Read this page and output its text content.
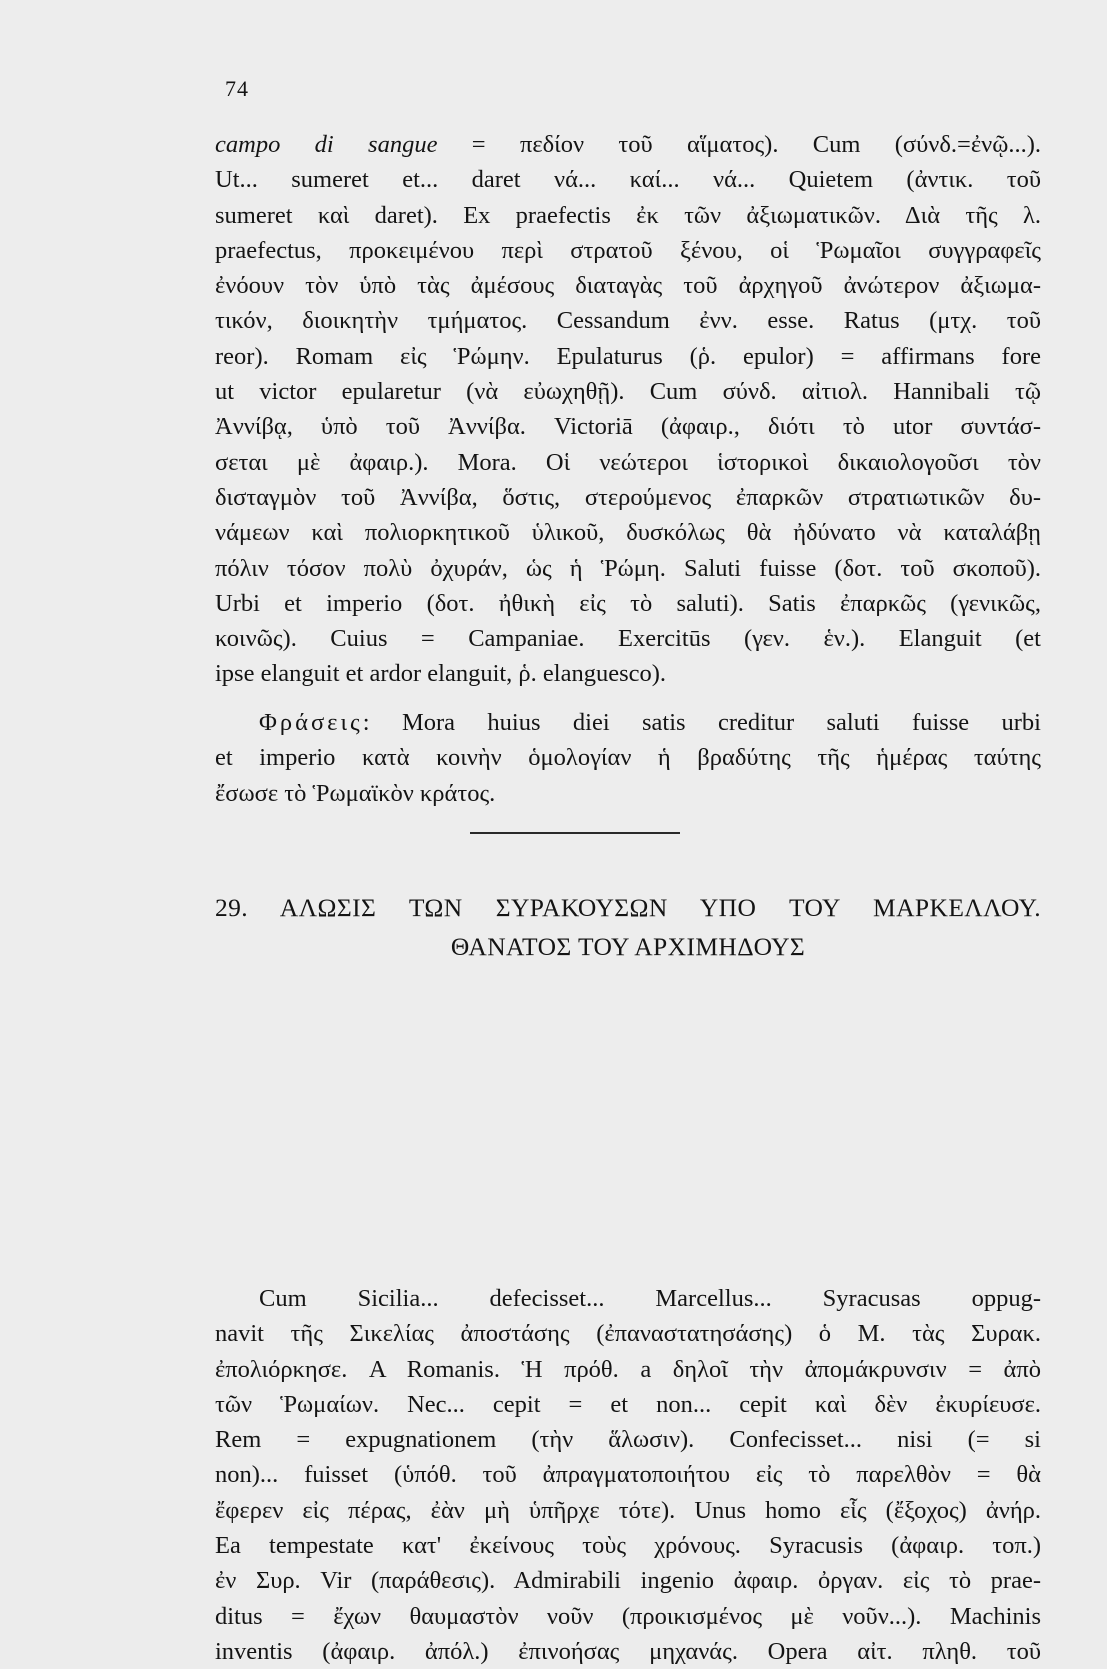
74
campo di sangue = πεδίον τοῦ αἵματος). Cum (σύνδ.=ἐνῷ...).
Ut... sumeret et... daret νά... καί... νά... Quietem (ἀντικ. τοῦ
sumeret καὶ daret). Ex praefectis ἐκ τῶν ἀξιωματικῶν. Διὰ τῆς λ.
praefectus, προκειμένου περὶ στρατοῦ ξένου, οἱ Ῥωμαῖοι συγγραφεῖς
ἐνόουν τὸν ὑπὸ τὰς ἀμέσους διαταγὰς τοῦ ἀρχηγοῦ ἀνώτερον ἀξιωμα-
τικόν, διοικητὴν τμήματος. Cessandum ἐνν. esse. Ratus (μτχ. τοῦ
reor). Romam εἰς Ῥώμην. Epulaturus (ῥ. epulor) = affirmans fore
ut victor epularetur (νὰ εὐωχηθῇ). Cum σύνδ. αἰτιολ. Hannibali τῷ
Ἀννίβᾳ, ὑπὸ τοῦ Ἀννίβα. Victoriā (ἀφαιρ., διότι τὸ utor συντάσ-
σεται μὲ ἀφαιρ.). Mora. Οἱ νεώτεροι ἱστορικοὶ δικαιολογοῦσι τὸν
δισταγμὸν τοῦ Ἀννίβα, ὅστις, στερούμενος ἐπαρκῶν στρατιωτικῶν δυ-
νάμεων καὶ πολιορκητικοῦ ὑλικοῦ, δυσκόλως θὰ ἠδύνατο νὰ καταλάβῃ
πόλιν τόσον πολὺ ὀχυράν, ὡς ἡ Ῥώμη. Saluti fuisse (δοτ. τοῦ σκοποῦ).
Urbi et imperio (δοτ. ἠθικὴ εἰς τὸ saluti). Satis ἐπαρκῶς (γενικῶς,
κοινῶς). Cuius = Campaniae. Exercitūs (γεν. ἑν.). Elanguit (et
ipse elanguit et ardor elanguit, ῥ. elanguesco).
Φράσεις: Mora huius diei satis creditur saluti fuisse urbi
et imperio κατὰ κοινὴν ὁμολογίαν ἡ βραδύτης τῆς ἡμέρας ταύτης
ἔσωσε τὸ Ῥωμαϊκὸν κράτος.
29. ΑΛΩΣΙΣ ΤΩΝ ΣΥΡΑΚΟΥΣΩΝ ΥΠΟ ΤΟΥ ΜΑΡΚΕΛΛΟΥ.
ΘΑΝΑΤΟΣ ΤΟΥ ΑΡΧΙΜΗΔΟΥΣ
Cum Sicilia... defecisset... Marcellus... Syracusas oppug-
navit τῆς Σικελίας ἀποστάσης (ἐπαναστατησάσης) ὁ Μ. τὰς Συρακ.
ἐπολιόρκησε. A Romanis. Ἡ πρόθ. a δηλοῖ τὴν ἀπομάκρυνσιν = ἀπὸ
τῶν Ῥωμαίων. Nec... cepit = et non... cepit καὶ δὲν ἐκυρίευσε.
Rem = expugnationem (τὴν ἅλωσιν). Confecisset... nisi (= si
non)... fuisset (ὑπόθ. τοῦ ἀπραγματοποιήτου εἰς τὸ παρελθὸν = θὰ
ἔφερεν εἰς πέρας, ἐὰν μὴ ὑπῆρχε τότε). Unus homo εἷς (ἔξοχος) ἀνήρ.
Ea tempestate κατ' ἐκείνους τοὺς χρόνους. Syracusis (ἀφαιρ. τοπ.)
ἐν Συρ. Vir (παράθεσις). Admirabili ingenio ἀφαιρ. ὀργαν. εἰς τὸ prae-
ditus = ἔχων θαυμαστὸν νοῦν (προικισμένος μὲ νοῦν...). Machinis
inventis (ἀφαιρ. ἀπόλ.) ἐπινοήσας μηχανάς. Opera αἰτ. πληθ. τοῦ
